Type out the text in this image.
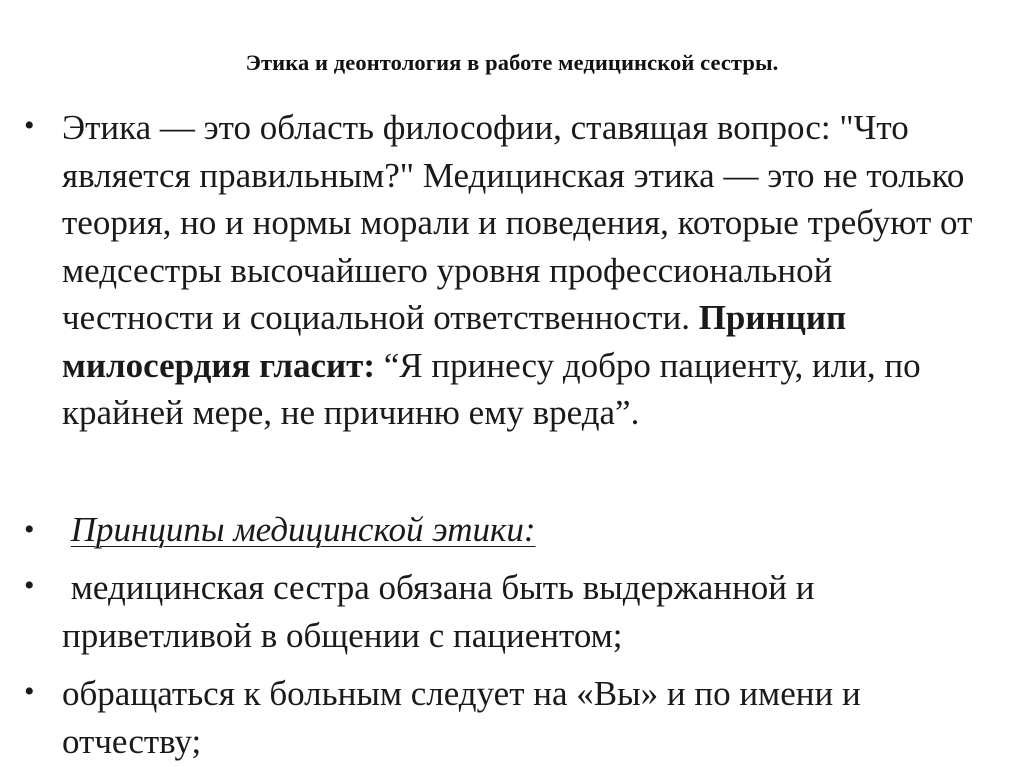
Этика и деонтология в работе медицинской сестры.
• Этика — это область философии, ставящая вопрос: "Что является правильным?" Медицинская этика — это не только теория, но и нормы морали и поведения, которые требуют от медсестры высочайшего уровня профессиональной честности и социальной ответственности. Принцип милосердия гласит: “Я принесу добро пациенту, или, по крайней мере, не причиню ему вреда”.
• Принципы медицинской этики:
• медицинская сестра обязана быть выдержанной и приветливой в общении с пациентом;
• обращаться к больным следует на «Вы» и по имени и отчеству;
